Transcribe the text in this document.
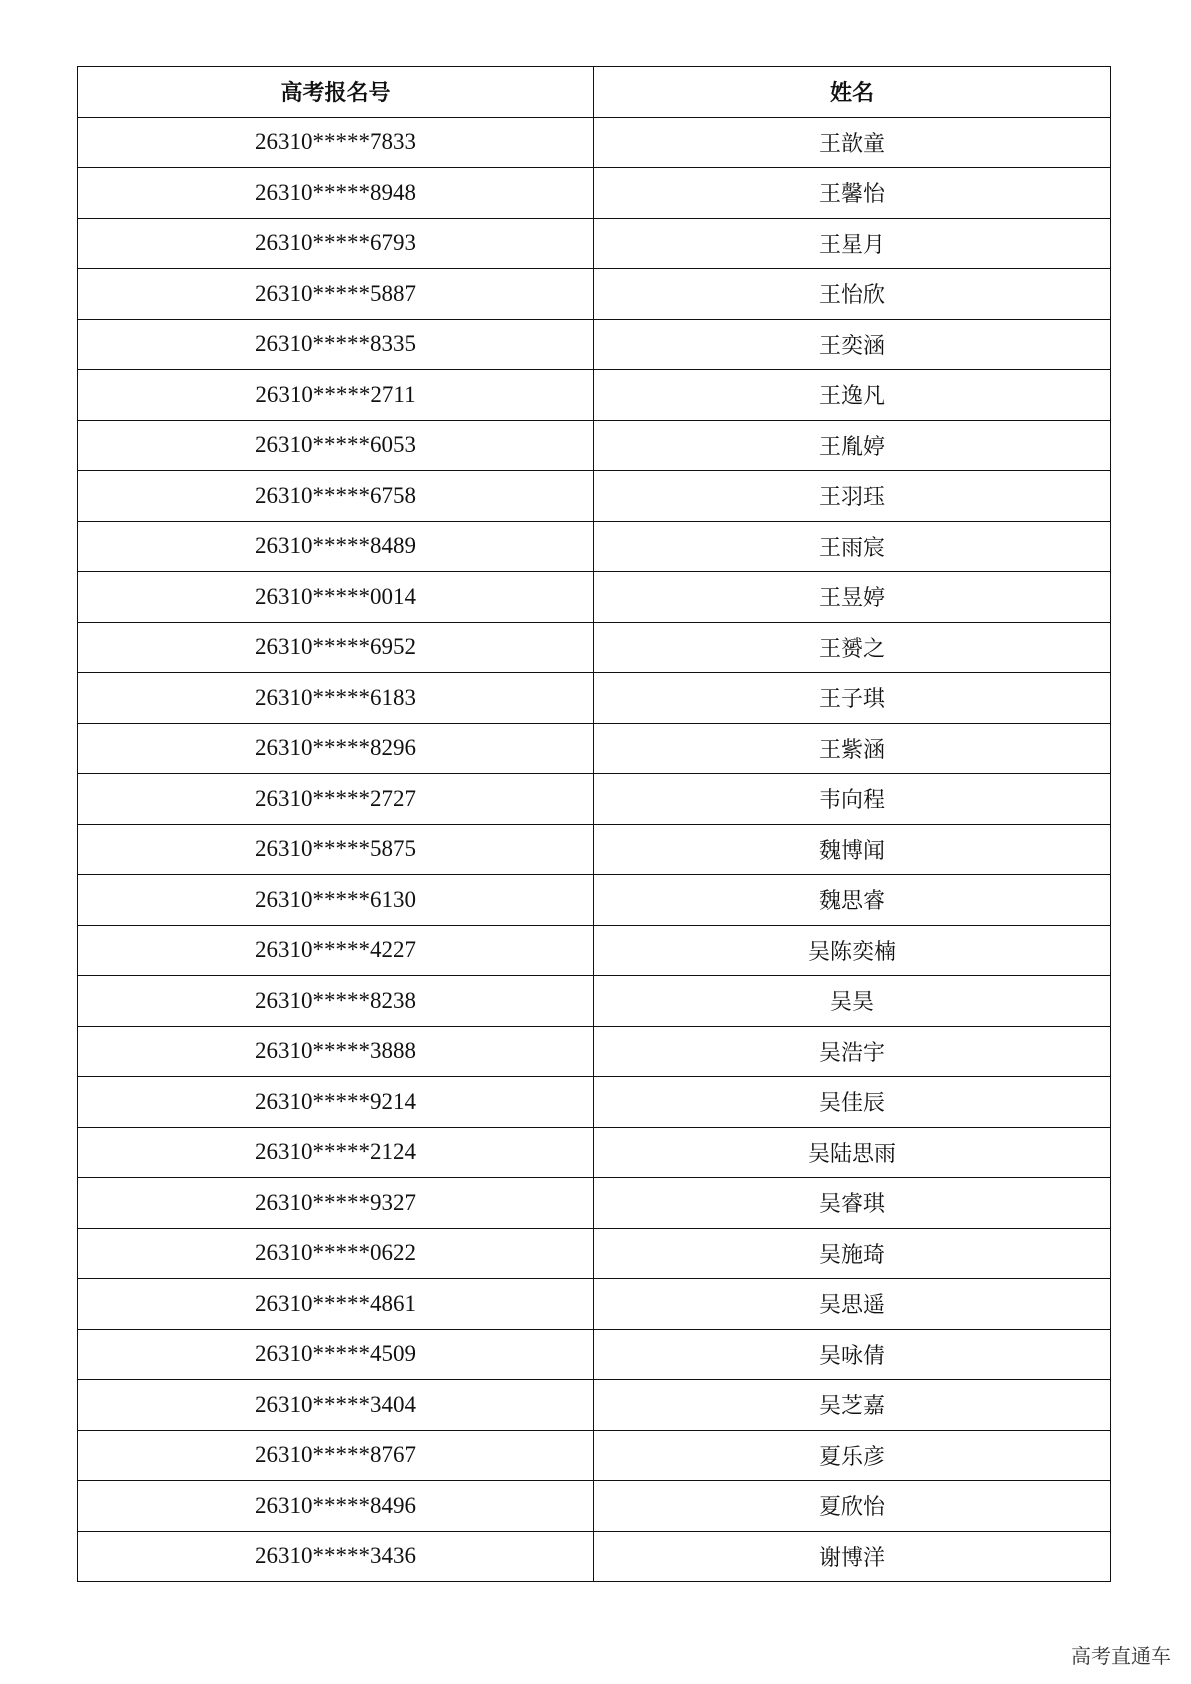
高考报名号	姓名
26310*****7833	王歆童
26310*****8948	王馨怡
26310*****6793	王星月
26310*****5887	王怡欣
26310*****8335	王奕涵
26310*****2711	王逸凡
26310*****6053	王胤婷
26310*****6758	王羽珏
26310*****8489	王雨宸
26310*****0014	王昱婷
26310*****6952	王赟之
26310*****6183	王子琪
26310*****8296	王紫涵
26310*****2727	韦向程
26310*****5875	魏博闻
26310*****6130	魏思睿
26310*****4227	吴陈奕楠
26310*****8238	吴昊
26310*****3888	吴浩宇
26310*****9214	吴佳辰
26310*****2124	吴陆思雨
26310*****9327	吴睿琪
26310*****0622	吴施琦
26310*****4861	吴思遥
26310*****4509	吴咏倩
26310*****3404	吴芝嘉
26310*****8767	夏乐彦
26310*****8496	夏欣怡
26310*****3436	谢博洋
高考直通车
